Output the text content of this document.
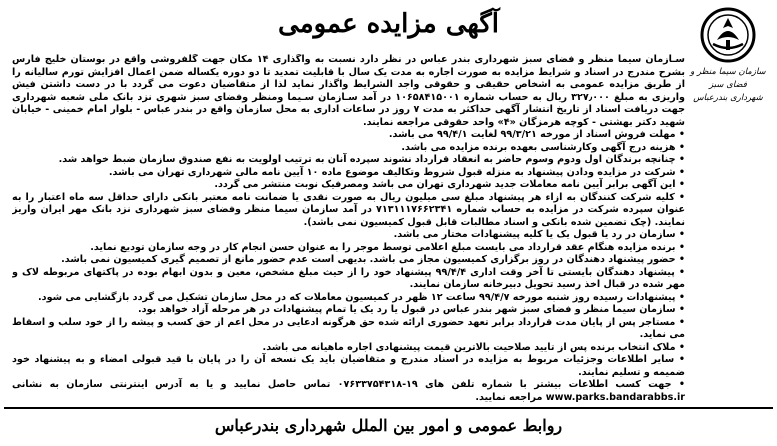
سازمان سیما منظر و فضای سبز
شهرداری بندرعباس
آگهی مزایده عمومی

سـازمان سیما منظر و فضای سبز شهرداری بندر عباس در نظر دارد نسبت به واگذاری ۱۴ مکان جهت گلفروشی واقع در بوستان خلیج فارس بشرح مندرج در اسناد و شرایط مزایده به صورت اجاره به مدت یک سال با قابلیت تمدید تا دو دوره یکساله ضمن اعمال افزایش تورم سالیانه را از طریق مزایده عمومی به اشخاص حقیقی و حقوقی واجد الشرایط واگذار نماید لذا از متقاضیان دعوت می گردد با در دست داشتن فیش واریزی به مبلغ ۳۲۷٫۰۰۰ ریال به حساب شماره ۱۰۶۵۸۴۱۵۰۰۱ در آمد سـازمان سـیما ومنظر وفضای سبز شهری نزد بانک ملی شعبه شهرداری جهت دریافت اسناد از تاریخ انتشار آگهی حداکثر به مدت ۷ روز در ساعات اداری به محل سازمان واقع در بندر عباس - بلوار امام خمینی - خیابان شهید دکتر بهشتی - کوچه هرمزگان «۴» واحد حقوقی مراجعه نمایند.

• مهلت فروش اسناد از مورخه ۹۹/۳/۲۱ لغایت ۹۹/۴/۱ می باشد.

• هزینه درج آگهی وکارشناسی بعهده برنده مزایده می باشد.

• چنانچه برندگان اول ودوم وسوم حاضر به انعقاد قرارداد نشوند سپرده آنان به ترتیب اولویت به نفع صندوق سازمان ضبط خواهد شد.

• شرکت در مزایده ودادن پیشنهاد به منزله قبول شروط وتکالیف موضوع ماده ۱۰ آیین نامه مالی شهرداری تهران می باشد.

• این آگهی برابر آیین نامه معاملات جدید شهرداری تهران می باشد ومصرفیک نوبت منتشر می گردد.

• کلیه شرکت کنندگان به ازاء هر پیشنهاد مبلغ سی میلیون ریال به صورت نقدی یا ضمانت نامه معتبر بانکی دارای حداقل سه ماه اعتبار را به عنوان سپرده شرکت در مزایده به حساب شماره ۷۱۳۱۱۱۷۶۶۲۳۴۱ در آمد سازمان سیما منظر وفضای سبز شهرداری نزد بانک مهر ایران واریز نمایند. (چک تضمین شده بانکی و اسناد مطالبات قابل قبول کمیسیون نمی باشد).

• سازمان در رد یا قبول یک یا کلیه پیشنهادات مختار می باشد.

• برنده مزایده هنگام عقد قرارداد می بایست مبلغ اعلامی توسط موجر را به عنوان حسن انجام کار در وجه سازمان تودیع نماید.

• حضور پیشنهاد دهندگان در روز برگزاری کمیسیون مجاز می باشد. بدیهی است عدم حضور مانع از تصمیم گیری کمیسیون نمی باشد.

• پیشنهاد دهندگان بایستی تا آخر وقت اداری ۹۹/۴/۴ پیشنهاد خود را از حیث مبلغ مشخص، معین و بدون ابهام بوده در پاکتهای مربوطه لاک و مهر شده در قبال اخذ رسید تحویل دبیرخانه سازمان نمایند.

• پیشنهادات رسیده روز شنبه مورخه ۹۹/۴/۷ ساعت ۱۲ ظهر در کمیسیون معاملات که در محل سازمان تشکیل می گردد بازگشایی می شود.

• سازمان سیما منظر و فضای سبز شهر بندر عباس در قبول یا رد یک یا تمام پیشنهادات در هر مرحله آزاد خواهد بود.

• مستاجر پس از پایان مدت قرارداد برابر تعهد حضوری ارائه شده حق هرگونه ادعایی در محل اعم از حق کسب و پیشه را از خود سلب و اسقاط می نماید.

• ملاک انتخاب برنده پس از تایید صلاحیت بالاترین قیمت پیشنهادی اجاره ماهیانه می باشد.

• سایر اطلاعات وجزئیات مربوط به مزایده در اسناد مندرج و متقاضیان باید یک نسخه آن را در پایان با قید قبولی امضاء و به پیشنهاد خود ضمیمه و تسلیم نمایند.

• جهت کسب اطلاعات بیشتر با شماره تلفن های ۱۹-۰۷۶۳۳۷۵۴۳۱۸ تماس حاصل نمایید و یا به آدرس اینترنتی سازمان به نشانی www.parks.bandarabbs.ir مراجعه نمایید.

روابط عمومی و امور بین الملل شهرداری بندرعباس
